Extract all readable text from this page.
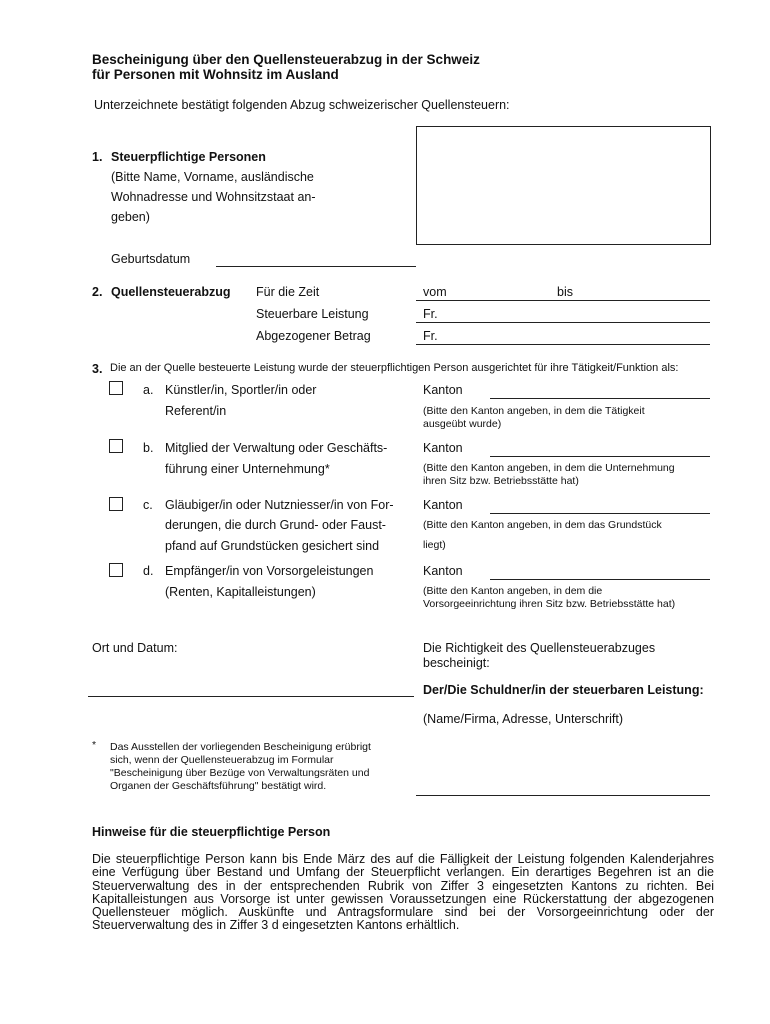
Bescheinigung über den Quellensteuerabzug in der Schweiz
für Personen mit Wohnsitz im Ausland
Unterzeichnete bestätigt folgenden Abzug schweizerischer Quellensteuern:
1. Steuerpflichtige Personen
(Bitte Name, Vorname, ausländische
Wohnadresse und Wohnsitzstaat an-
geben)
Geburtsdatum
2. Quellensteuerabzug Für die Zeit	vom	bis
Steuerbare Leistung	Fr.
Abgezogener Betrag	Fr.
3. Die an der Quelle besteuerte Leistung wurde der steuerpflichtigen Person ausgerichtet für ihre Tätigkeit/Funktion als:
a. Künstler/in, Sportler/in oder
Referent/in
Kanton
(Bitte den Kanton angeben, in dem die Tätigkeit
ausgeübt wurde)
b. Mitglied der Verwaltung oder Geschäfts-
führung einer Unternehmung*
Kanton
(Bitte den Kanton angeben, in dem die Unternehmung
ihren Sitz bzw. Betriebsstätte hat)
c. Gläubiger/in oder Nutzniesser/in von For-
derungen, die durch Grund- oder Faust-
pfand auf Grundstücken gesichert sind
Kanton
(Bitte den Kanton angeben, in dem das Grundstück
liegt)
d. Empfänger/in von Vorsorgeleistungen
(Renten, Kapitalleistungen)
Kanton
(Bitte den Kanton angeben, in dem die
Vorsorgeeinrichtung ihren Sitz bzw. Betriebsstätte hat)
Ort und Datum:	Die Richtigkeit des Quellensteuerabzuges
bescheinigt:
Der/Die Schuldner/in der steuerbaren Leistung:
(Name/Firma, Adresse, Unterschrift)
* Das Ausstellen der vorliegenden Bescheinigung erübrigt
sich, wenn der Quellensteuerabzug im Formular
"Bescheinigung über Bezüge von Verwaltungsräten und
Organen der Geschäftsführung" bestätigt wird.
Hinweise für die steuerpflichtige Person
Die steuerpflichtige Person kann bis Ende März des auf die Fälligkeit der Leistung folgenden Kalenderjahres eine Verfügung über Bestand und Umfang der Steuerpflicht verlangen. Ein derartiges Begehren ist an die Steuerverwaltung des in der entsprechenden Rubrik von Ziffer 3 eingesetzten Kantons zu richten. Bei Kapitalleistungen aus Vorsorge ist unter gewissen Voraussetzungen eine Rückerstattung der abgezogenen Quellensteuer möglich. Auskünfte und Antragsformulare sind bei der Vorsorgeeinrichtung oder der Steuerverwaltung des in Ziffer 3 d eingesetzten Kantons erhältlich.
